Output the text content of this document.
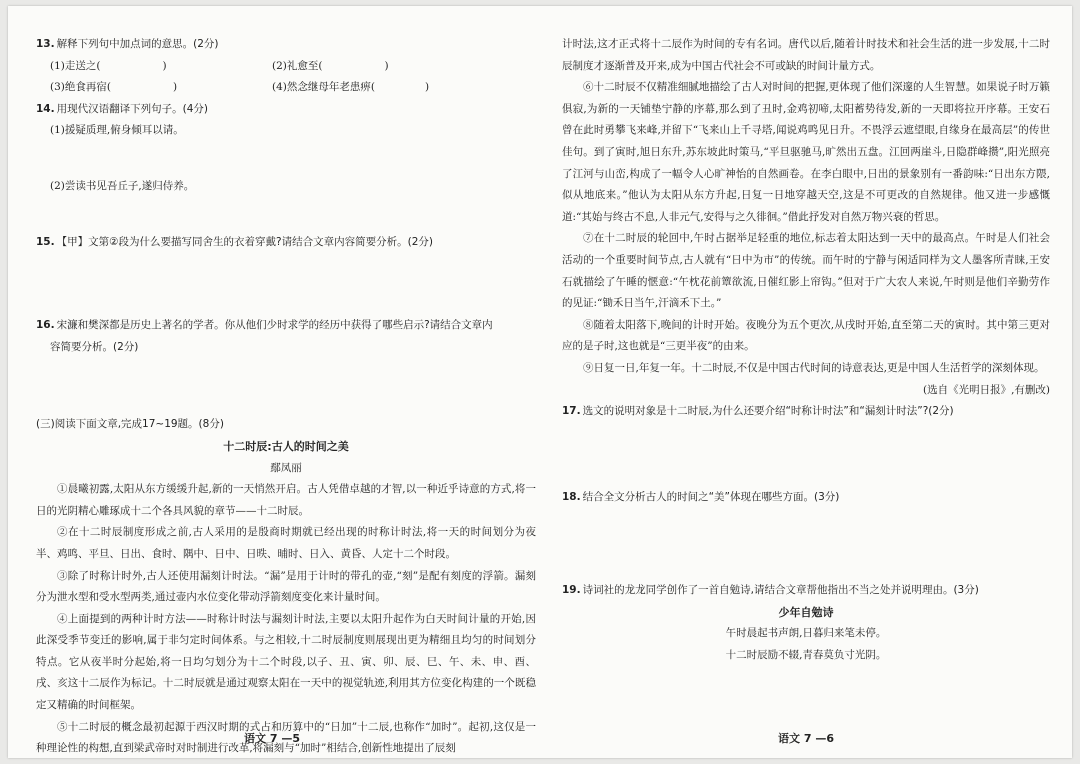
13. 解释下列句中加点词的意思。(2分)
(1)走送之(	)	(2)礼愈至(	)
(3)绝食再宿(	)	(4)然念继母年老患痹(	)
14. 用现代汉语翻译下列句子。(4分)
(1)援疑质理,俯身倾耳以请。
(2)尝读书见吾丘子,遂归侍养。
15. 【甲】文第②段为什么要描写同舍生的衣着穿戴?请结合文章内容简要分析。(2分)
16. 宋濂和樊深都是历史上著名的学者。你从他们少时求学的经历中获得了哪些启示?请结合文章内
容简要分析。(2分)
(三)阅读下面文章,完成17~19题。(8分)
十二时辰:古人的时间之美
鄢凤丽

①晨曦初露,太阳从东方缓缓升起,新的一天悄然开启。古人凭借卓越的才智,以一种近乎诗意的方式,将一日的光阴精心雕琢成十二个各具风貌的章节——十二时辰。

②在十二时辰制度形成之前,古人采用的是殷商时期就已经出现的时称计时法,将一天的时间划分为夜半、鸡鸣、平旦、日出、食时、隅中、日中、日昳、晡时、日入、黄昏、人定十二个时段。

③除了时称计时外,古人还使用漏刻计时法。“漏”是用于计时的带孔的壶,“刻”是配有刻度的浮箭。漏刻分为泄水型和受水型两类,通过壶内水位变化带动浮箭刻度变化来计量时间。

④上面提到的两种计时方法——时称计时法与漏刻计时法,主要以太阳升起作为白天时间计量的开始,因此深受季节变迁的影响,属于非匀定时间体系。与之相较,十二时辰制度则展现出更为精细且均匀的时间划分特点。它从夜半时分起始,将一日均匀划分为十二个时段,以子、丑、寅、卯、辰、巳、午、未、申、酉、戌、亥这十二辰作为标记。十二时辰就是通过观察太阳在一天中的视觉轨迹,利用其方位变化构建的一个既稳定又精确的时间框架。

⑤十二时辰的概念最初起源于西汉时期的式占和历算中的“日加”十二辰,也称作“加时”。起初,这仅是一种理论性的构想,直到梁武帝时对时制进行改革,将漏刻与“加时”相结合,创新性地提出了辰刻

计时法,这才正式将十二辰作为时间的专有名词。唐代以后,随着计时技术和社会生活的进一步发展,十二时辰制度才逐渐普及开来,成为中国古代社会不可或缺的时间计量方式。

⑥十二时辰不仅精准细腻地描绘了古人对时间的把握,更体现了他们深邃的人生智慧。如果说子时万籁俱寂,为新的一天铺垫宁静的序幕,那么到了丑时,金鸡初啼,太阳蓄势待发,新的一天即将拉开序幕。王安石曾在此时勇攀飞来峰,并留下“飞来山上千寻塔,闻说鸡鸣见日升。不畏浮云遮望眼,自缘身在最高层”的传世佳句。到了寅时,旭日东升,苏东坡此时策马,“平旦驱驰马,旷然出五盘。江回两崖斗,日隐群峰攒”,阳光照亮了江河与山峦,构成了一幅令人心旷神怡的自然画卷。在李白眼中,日出的景象别有一番韵味:“日出东方隈,似从地底来。”他认为太阳从东方升起,日复一日地穿越天空,这是不可更改的自然规律。他又进一步感慨道:“其始与终古不息,人非元气,安得与之久徘徊。”借此抒发对自然万物兴衰的哲思。

⑦在十二时辰的轮回中,午时占据举足轻重的地位,标志着太阳达到一天中的最高点。午时是人们社会活动的一个重要时间节点,古人就有“日中为市”的传统。而午时的宁静与闲适同样为文人墨客所青睐,王安石就描绘了午睡的惬意:“午枕花前簟欲流,日催红影上帘钩。”但对于广大农人来说,午时则是他们辛勤劳作的见证:“锄禾日当午,汗滴禾下土。”

⑧随着太阳落下,晚间的计时开始。夜晚分为五个更次,从戌时开始,直至第二天的寅时。其中第三更对应的是子时,这也就是“三更半夜”的由来。

⑨日复一日,年复一年。十二时辰,不仅是中国古代时间的诗意表达,更是中国人生活哲学的深刻体现。

(选自《光明日报》,有删改)
17. 选文的说明对象是十二时辰,为什么还要介绍“时称计时法”和“漏刻计时法”?(2分)
18. 结合全文分析古人的时间之“美”体现在哪些方面。(3分)
19. 诗词社的龙龙同学创作了一首自勉诗,请结合文章帮他指出不当之处并说明理由。(3分)
少年自勉诗
午时晨起书声朗,日暮归来笔未停。
十二时辰励不辍,青春莫负寸光阴。
语文 7 —5	语文 7 —6
